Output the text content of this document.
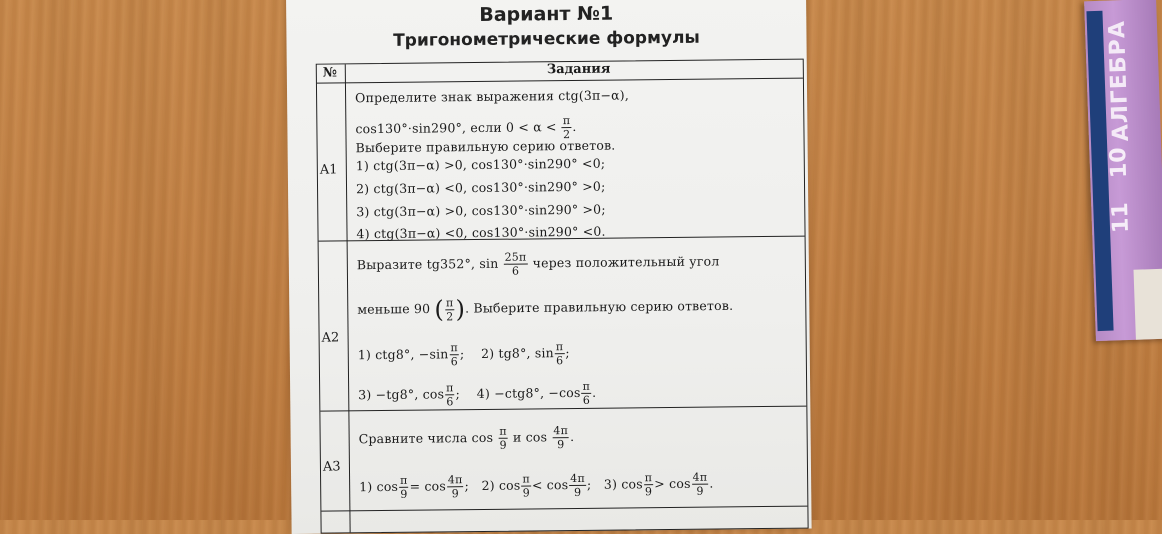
АЛГЕБРА
10
11
Вариант №1
Тригонометрические формулы
№	Задания
A1
Определите знак выражения ctg(3π−α),
cos130°·sin290°, если $0 < \alpha < \frac{\pi}{2}$ .
Выберите правильную серию ответов.
1) ctg(3π−α) >0, cos130°·sin290° <0;
2) ctg(3π−α) <0, cos130°·sin290° >0;
3) ctg(3π−α) >0, cos130°·sin290° >0;
4) ctg(3π−α) <0, cos130°·sin290° <0.
A2
Выразите tg352°, $\sin \frac{25\pi}{6}$ через положительный угол
меньше 90 ( $\frac{\pi}{2}$ ). Выберите правильную серию ответов.
1) ctg8°, $-\sin \frac{\pi}{6}$ ;    2) tg8°, $\sin \frac{\pi}{6}$ ;
3) −tg8°, $\cos \frac{\pi}{6}$ ;    4) −ctg8°, $-\cos \frac{\pi}{6}$ .
A3
Сравните числа $\cos \frac{\pi}{9}$ и $\cos \frac{4\pi}{9}$ .
1) $\cos \frac{\pi}{9} = \cos \frac{4\pi}{9}$ ;   2) $\cos \frac{\pi}{9} < \cos \frac{4\pi}{9}$ ;   3) $\cos \frac{\pi}{9} > \cos \frac{4\pi}{9}$ .
